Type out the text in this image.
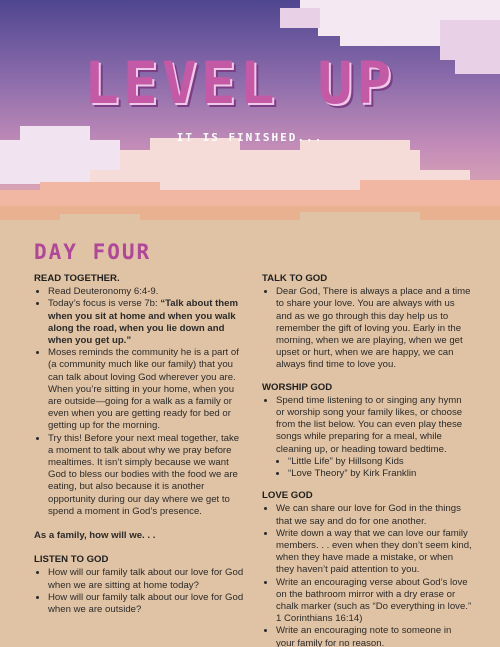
LEVEL UP
IT IS FINISHED...
DAY FOUR
READ TOGETHER.
• Read Deuteronomy 6:4-9.
• Today’s focus is verse 7b: “Talk about them when you sit at home and when you walk along the road, when you lie down and when you get up.”
• Moses reminds the community he is a part of (a community much like our family) that you can talk about loving God wherever you are. When you’re sitting in your home, when you are outside—going for a walk as a family or even when you are getting ready for bed or getting up for the morning.
• Try this! Before your next meal together, take a moment to talk about why we pray before mealtimes. It isn’t simply because we want God to bless our bodies with the food we are eating, but also because it is another opportunity during our day where we get to spend a moment in God’s presence.

As a family, how will we. . .

LISTEN TO GOD
• How will our family talk about our love for God when we are sitting at home today?
• How will our family talk about our love for God when we are outside?
TALK TO GOD
• Dear God, There is always a place and a time to share your love. You are always with us and as we go through this day help us to remember the gift of loving you. Early in the morning, when we are playing, when we get upset or hurt, when we are happy, we can always find time to love you.
WORSHIP GOD
• Spend time listening to or singing any hymn or worship song your family likes, or choose from the list below. You can even play these songs while preparing for a meal, while cleaning up, or heading toward bedtime.
• “Little Life” by Hillsong Kids
• “Love Theory” by Kirk Franklin
LOVE GOD
• We can share our love for God in the things that we say and do for one another.
• Write down a way that we can love our family members. . . even when they don’t seem kind, when they have made a mistake, or when they haven’t paid attention to you.
• Write an encouraging verse about God’s love on the bathroom mirror with a dry erase or chalk marker (such as “Do everything in love.” 1 Corinthians 16:14)
• Write an encouraging note to someone in your family for no reason.
